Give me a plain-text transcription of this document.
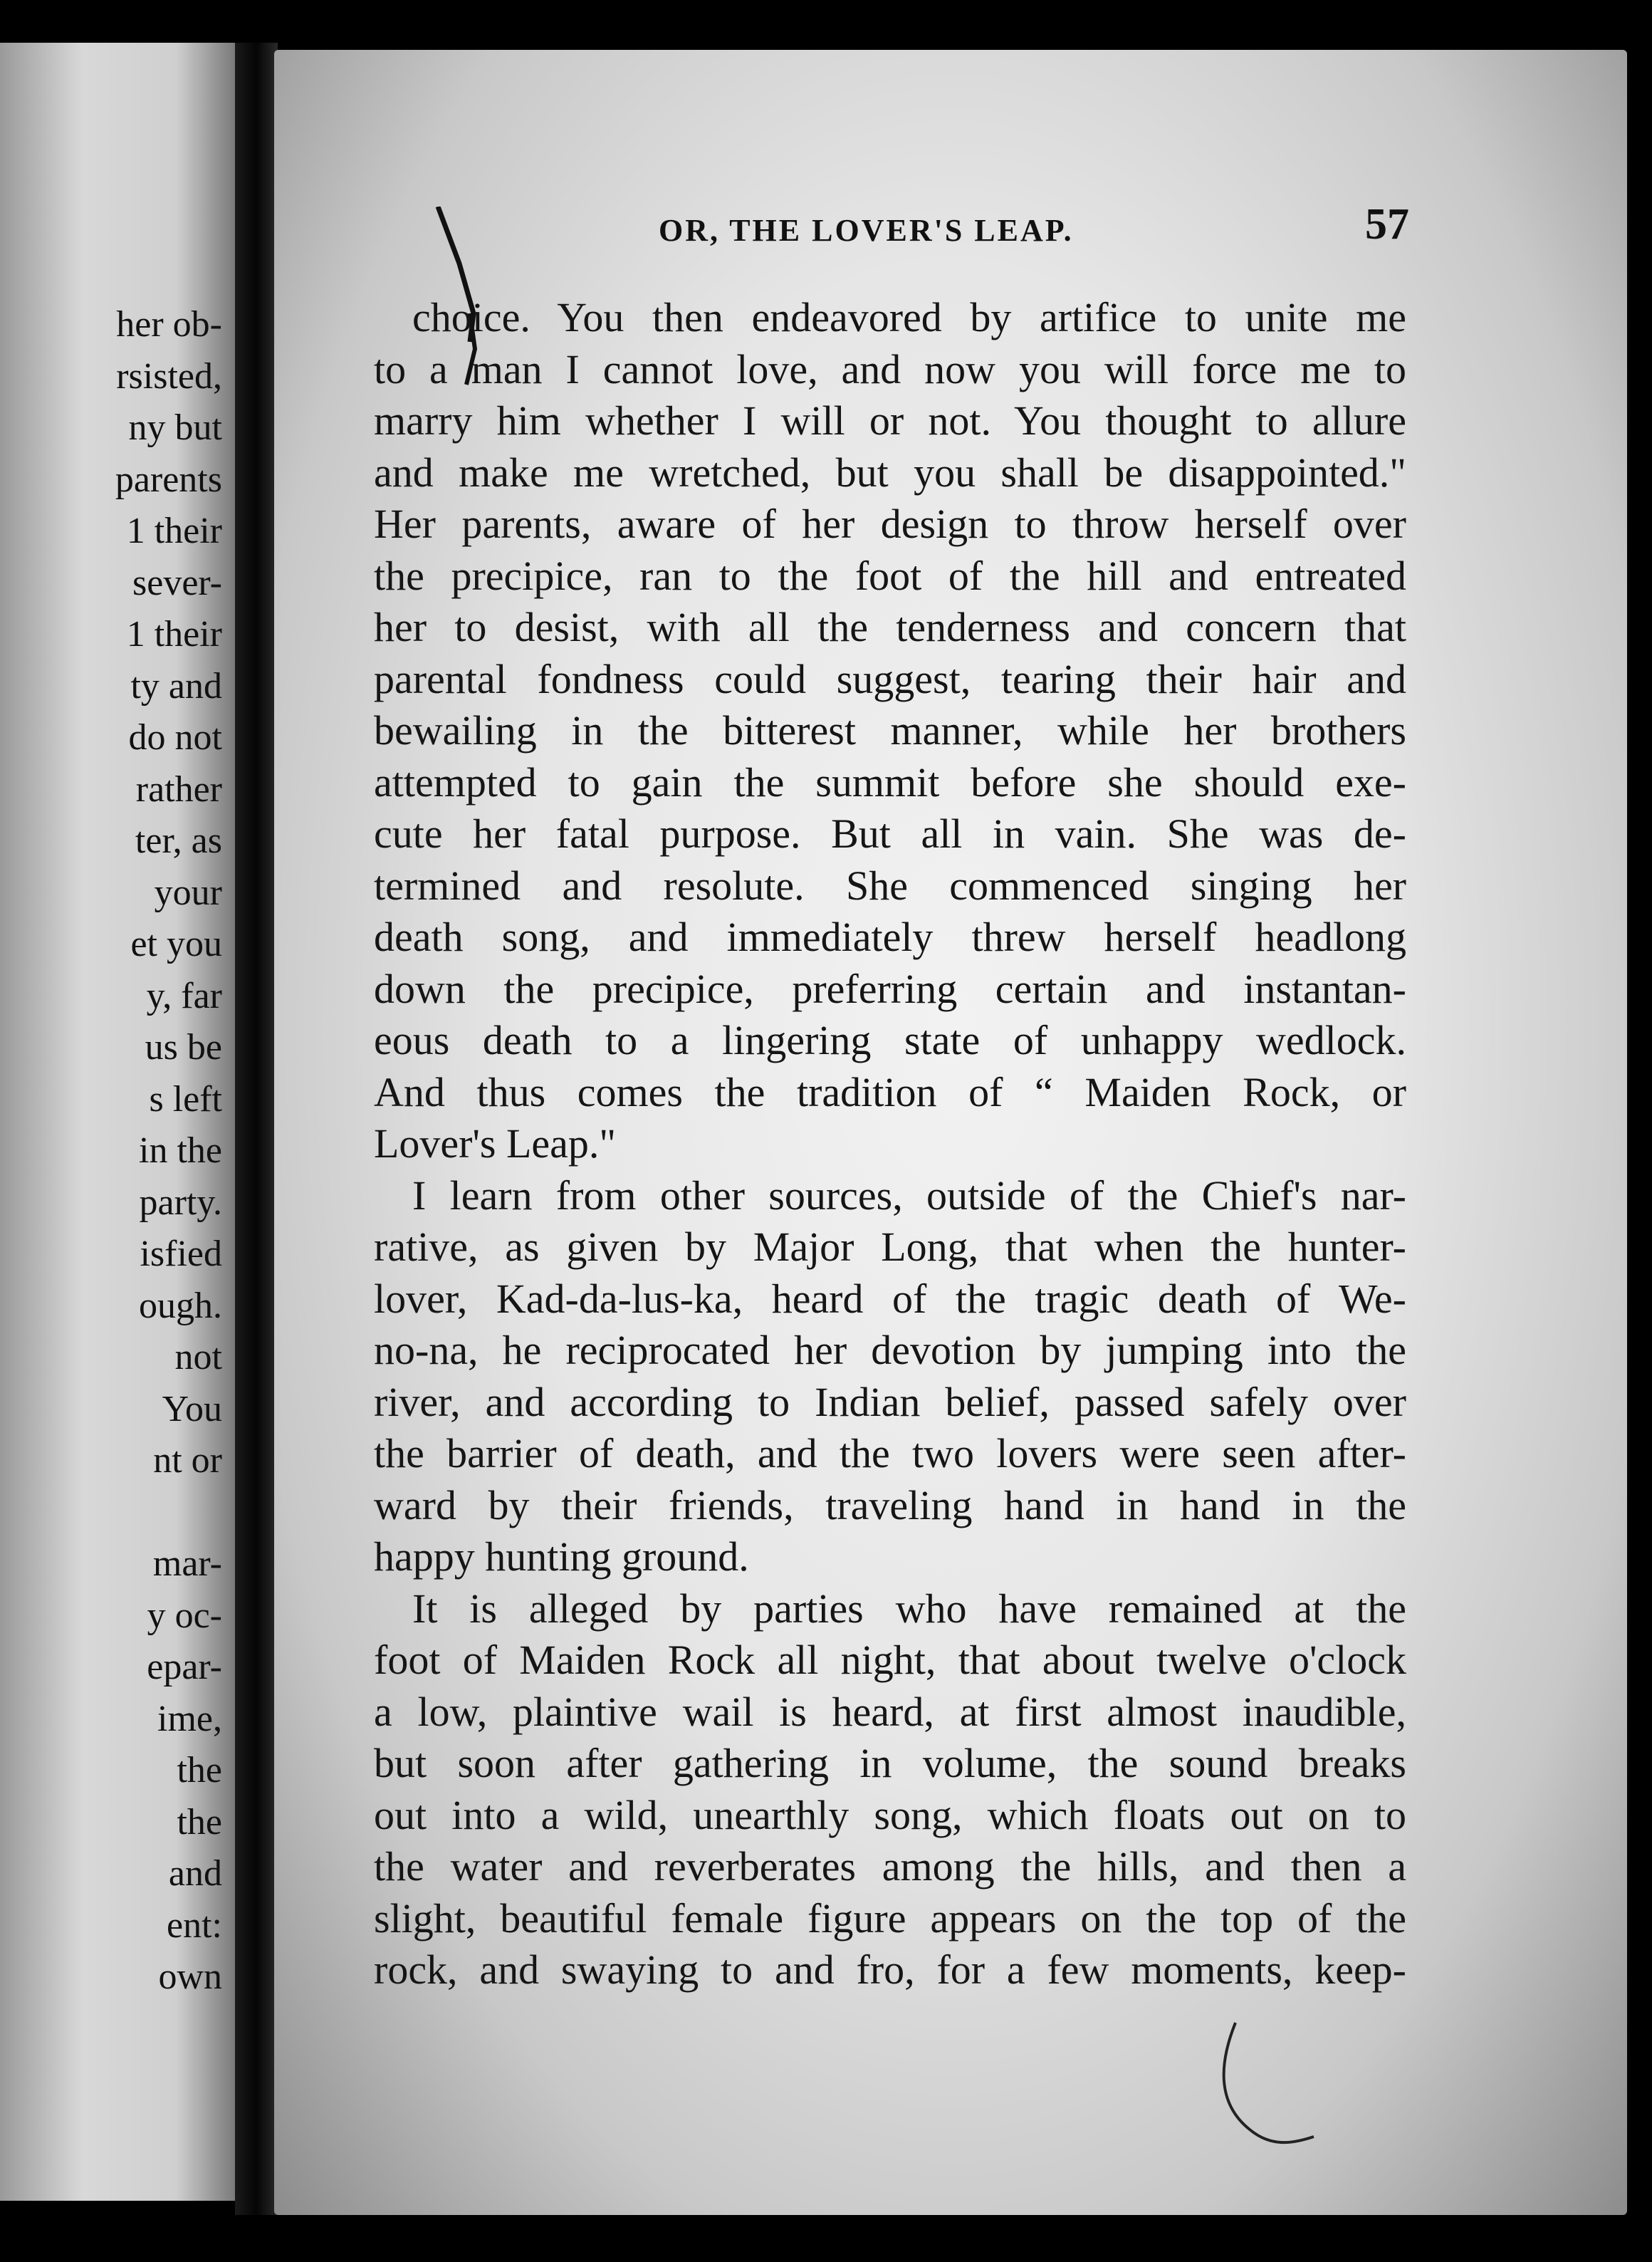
her ob-
rsisted,
ny but
parents
1 their
sever-
1 their
ty and
do not
rather
ter, as
your
et you
y, far
us be
s left
in the
party.
isfied
ough.
not
You
nt or
mar-
y oc-
epar-
ime,
the
the
and
ent:
own
OR, THE LOVER'S LEAP.	57
choice. You then endeavored by artifice to unite me
to a man I cannot love, and now you will force me to
marry him whether I will or not. You thought to allure
and make me wretched, but you shall be disappointed."
Her parents, aware of her design to throw herself over
the precipice, ran to the foot of the hill and entreated
her to desist, with all the tenderness and concern that
parental fondness could suggest, tearing their hair and
bewailing in the bitterest manner, while her brothers
attempted to gain the summit before she should exe-
cute her fatal purpose. But all in vain. She was de-
termined and resolute. She commenced singing her
death song, and immediately threw herself headlong
down the precipice, preferring certain and instantan-
eous death to a lingering state of unhappy wedlock.
And thus comes the tradition of “ Maiden Rock, or
Lover's Leap."
I learn from other sources, outside of the Chief's nar-
rative, as given by Major Long, that when the hunter-
lover, Kad-da-lus-ka, heard of the tragic death of We-
no-na, he reciprocated her devotion by jumping into the
river, and according to Indian belief, passed safely over
the barrier of death, and the two lovers were seen after-
ward by their friends, traveling hand in hand in the
happy hunting ground.
It is alleged by parties who have remained at the
foot of Maiden Rock all night, that about twelve o'clock
a low, plaintive wail is heard, at first almost inaudible,
but soon after gathering in volume, the sound breaks
out into a wild, unearthly song, which floats out on to
the water and reverberates among the hills, and then a
slight, beautiful female figure appears on the top of the
rock, and swaying to and fro, for a few moments, keep-
